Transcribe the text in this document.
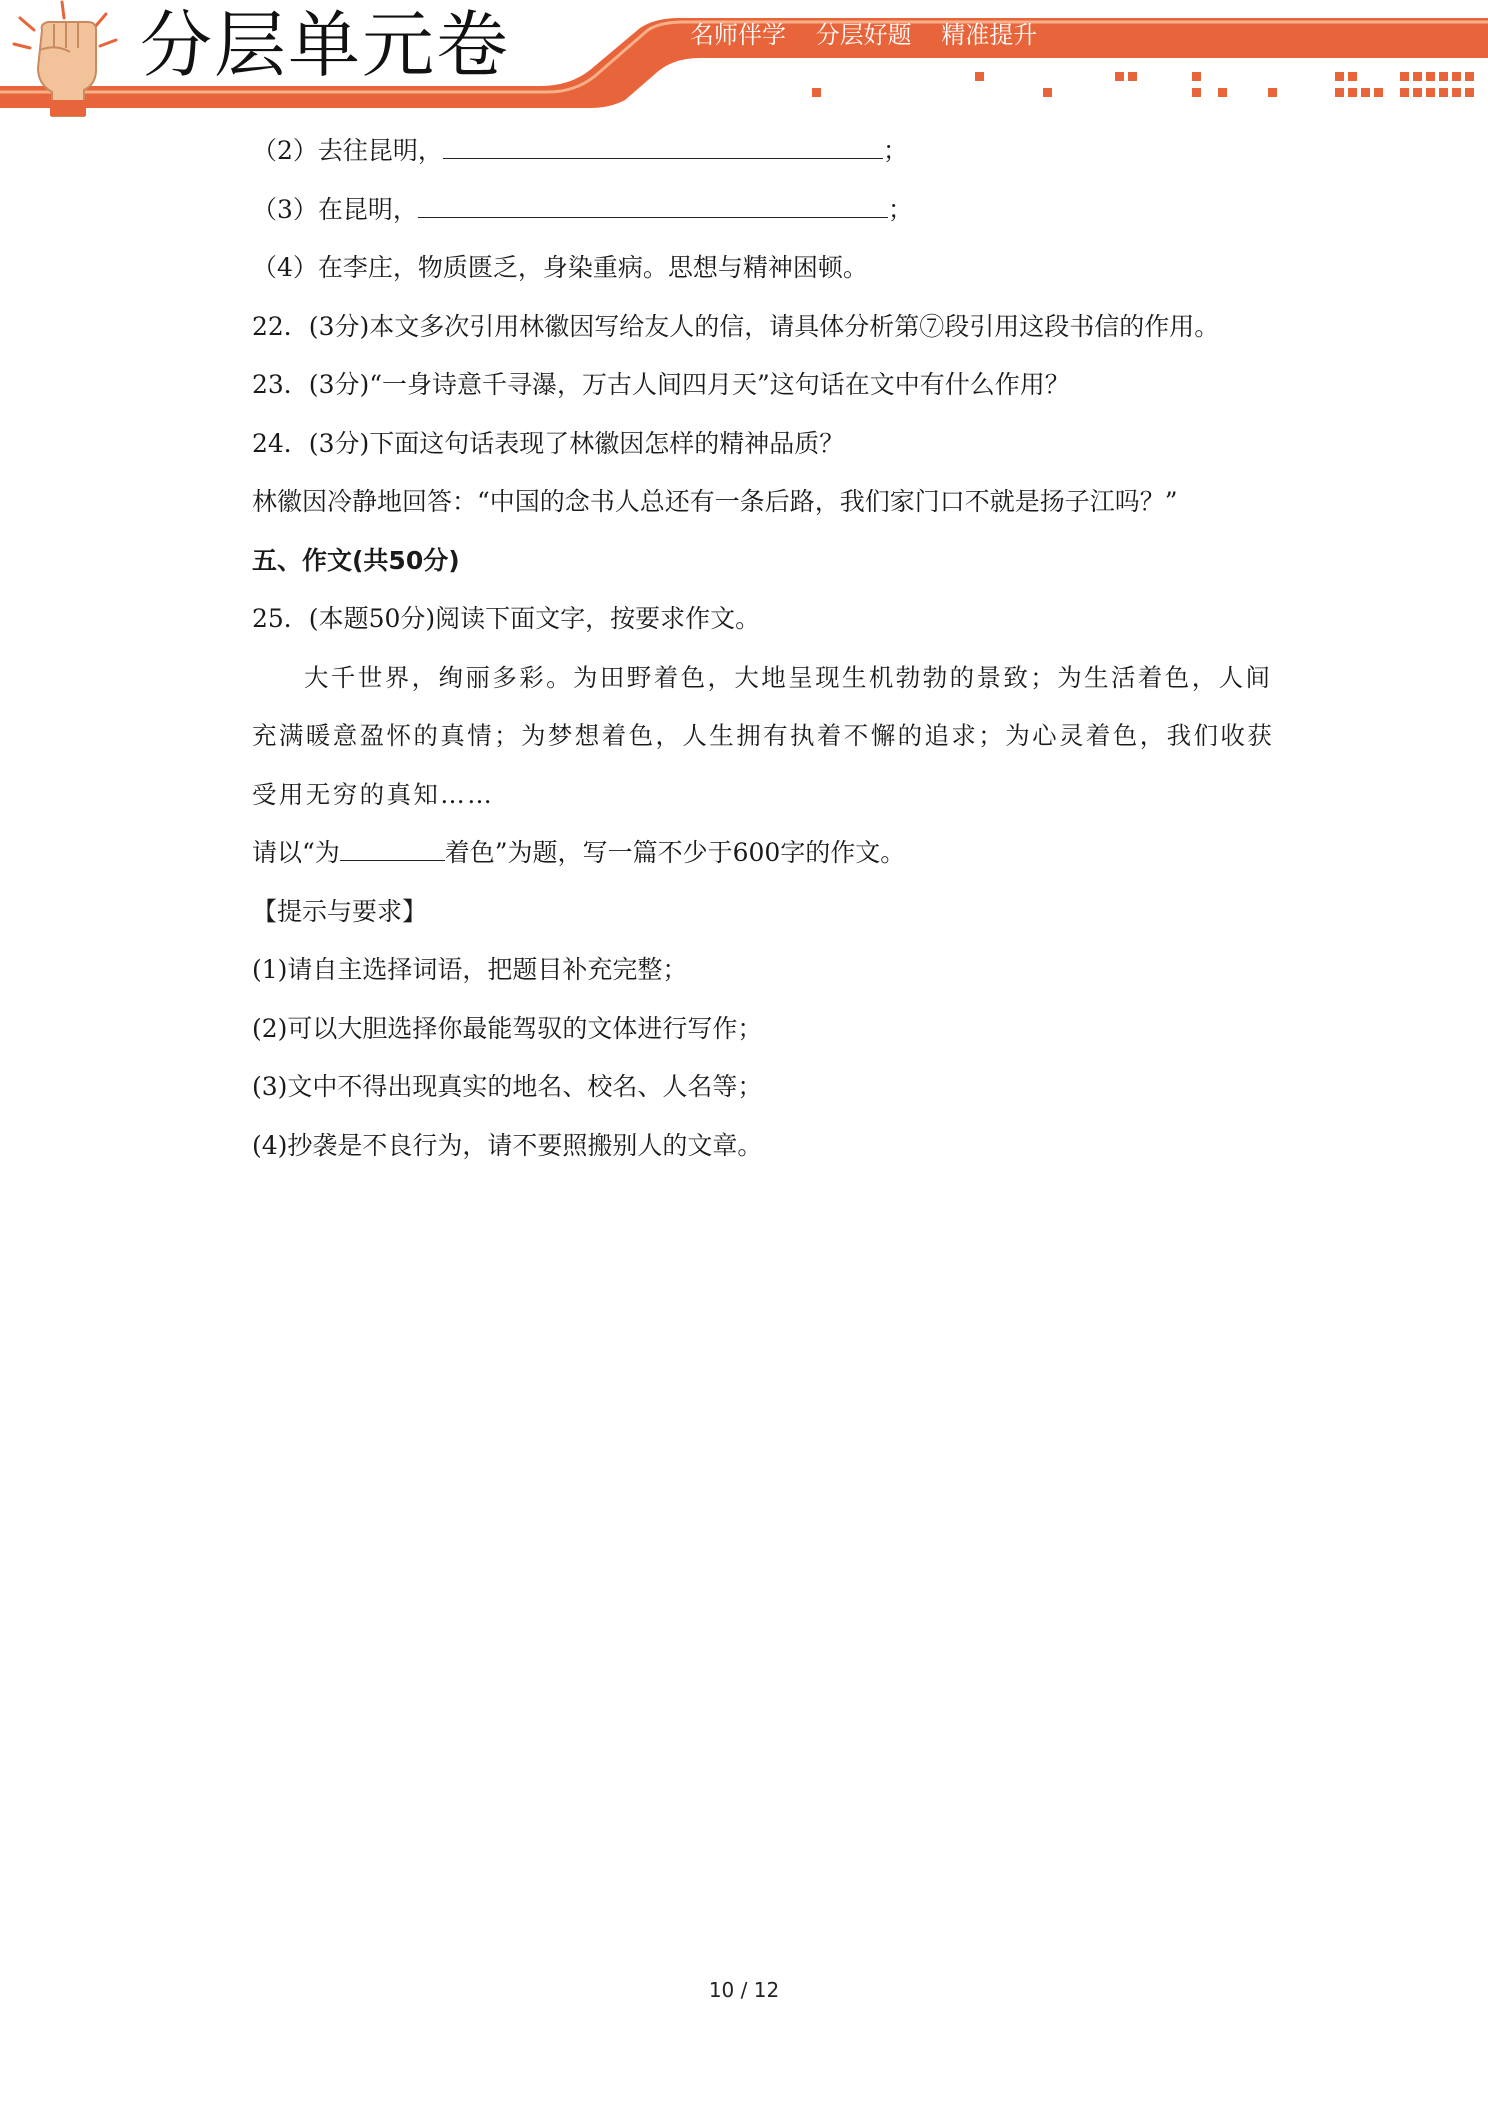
分层单元卷	名师伴学 分层好题 精准提升
（2）去往昆明，	；
（3）在昆明，	；
（4）在李庄，物质匮乏，身染重病。思想与精神困顿。
22．(3分)本文多次引用林徽因写给友人的信，请具体分析第⑦段引用这段书信的作用。
23．(3分)“一身诗意千寻瀑，万古人间四月天”这句话在文中有什么作用？
24．(3分)下面这句话表现了林徽因怎样的精神品质？
林徽因冷静地回答：“中国的念书人总还有一条后路，我们家门口不就是扬子江吗？”
五、作文(共50分)
25．(本题50分)阅读下面文字，按要求作文。
大千世界，绚丽多彩。为田野着色，大地呈现生机勃勃的景致；为生活着色，人间
充满暖意盈怀的真情；为梦想着色，人生拥有执着不懈的追求；为心灵着色，我们收获
受用无穷的真知……
请以“为	着色”为题，写一篇不少于600字的作文。
【提示与要求】
(1)请自主选择词语，把题目补充完整；
(2)可以大胆选择你最能驾驭的文体进行写作；
(3)文中不得出现真实的地名、校名、人名等；
(4)抄袭是不良行为，请不要照搬别人的文章。
10 / 12
